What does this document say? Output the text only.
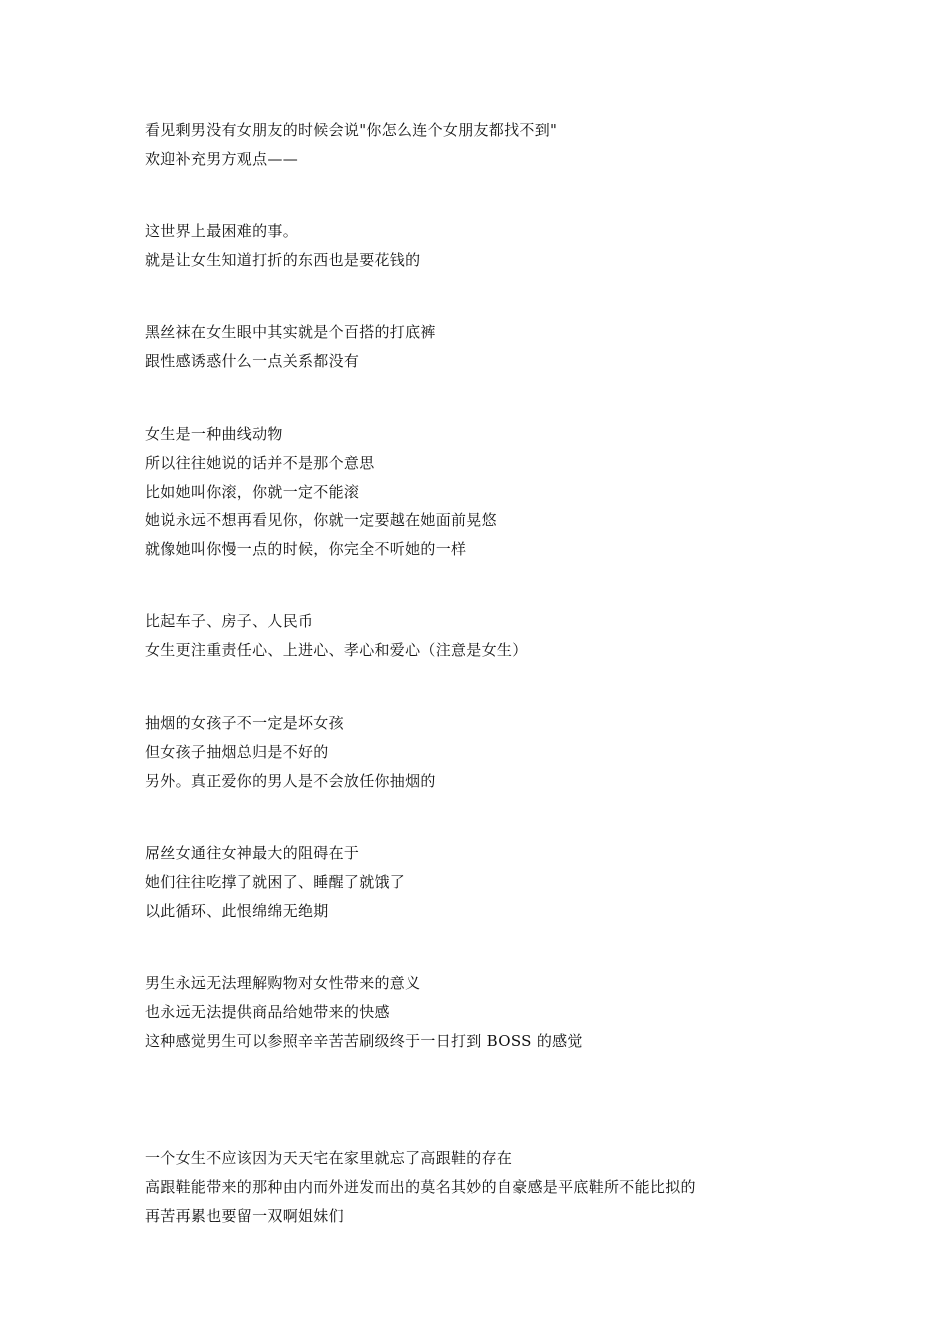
看见剩男没有女朋友的时候会说"你怎么连个女朋友都找不到"
欢迎补充男方观点——
这世界上最困难的事。
就是让女生知道打折的东西也是要花钱的
黑丝袜在女生眼中其实就是个百搭的打底裤
跟性感诱惑什么一点关系都没有
女生是一种曲线动物
所以往往她说的话并不是那个意思
比如她叫你滚，你就一定不能滚
她说永远不想再看见你，你就一定要越在她面前晃悠
就像她叫你慢一点的时候，你完全不听她的一样
比起车子、房子、人民币
女生更注重责任心、上进心、孝心和爱心（注意是女生）
抽烟的女孩子不一定是坏女孩
但女孩子抽烟总归是不好的
另外。真正爱你的男人是不会放任你抽烟的
屌丝女通往女神最大的阻碍在于
她们往往吃撑了就困了、睡醒了就饿了
以此循环、此恨绵绵无绝期
男生永远无法理解购物对女性带来的意义
也永远无法提供商品给她带来的快感
这种感觉男生可以参照辛辛苦苦刷级终于一日打到 BOSS 的感觉
一个女生不应该因为天天宅在家里就忘了高跟鞋的存在
高跟鞋能带来的那种由内而外迸发而出的莫名其妙的自豪感是平底鞋所不能比拟的
再苦再累也要留一双啊姐妹们
